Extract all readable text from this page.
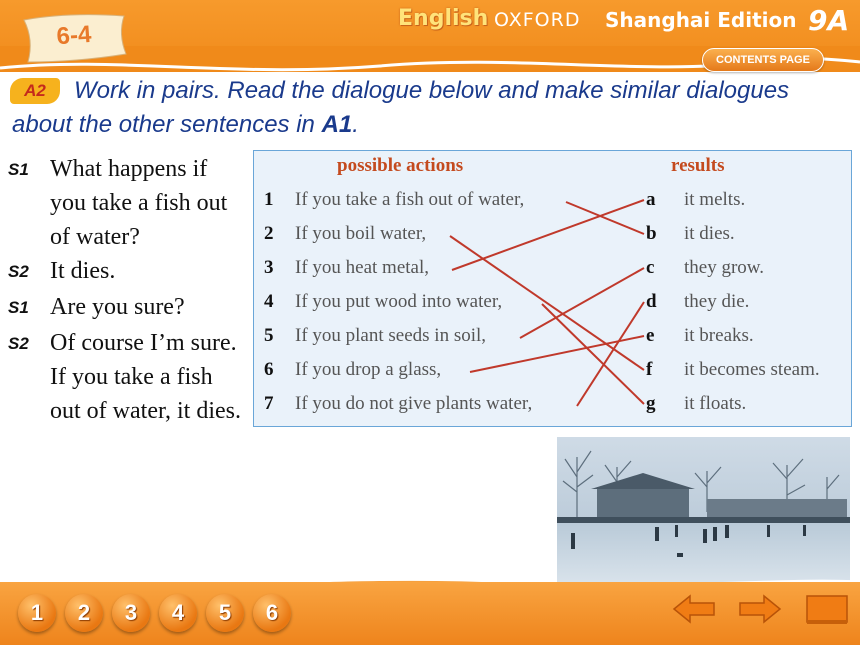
6-4
English OXFORD Shanghai Edition 9A
CONTENTS PAGE
Work in pairs. Read the dialogue below and make similar dialogues about the other sentences in A1.
A2
S1 What happens if you take a fish out of water?
S2 It dies.
S1 Are you sure?
S2 Of course I’m sure. If you take a fish out of water, it dies.
possible actions	results
1 If you take a fish out of water,	a it melts.
2 If you boil water,	b it dies.
3 If you heat metal,	c they grow.
4 If you put wood into water,	d they die.
5 If you plant seeds in soil,	e it breaks.
6 If you drop a glass,	f it becomes steam.
7 If you do not give plants water,	g it floats.
1	2	3	4	5	6
